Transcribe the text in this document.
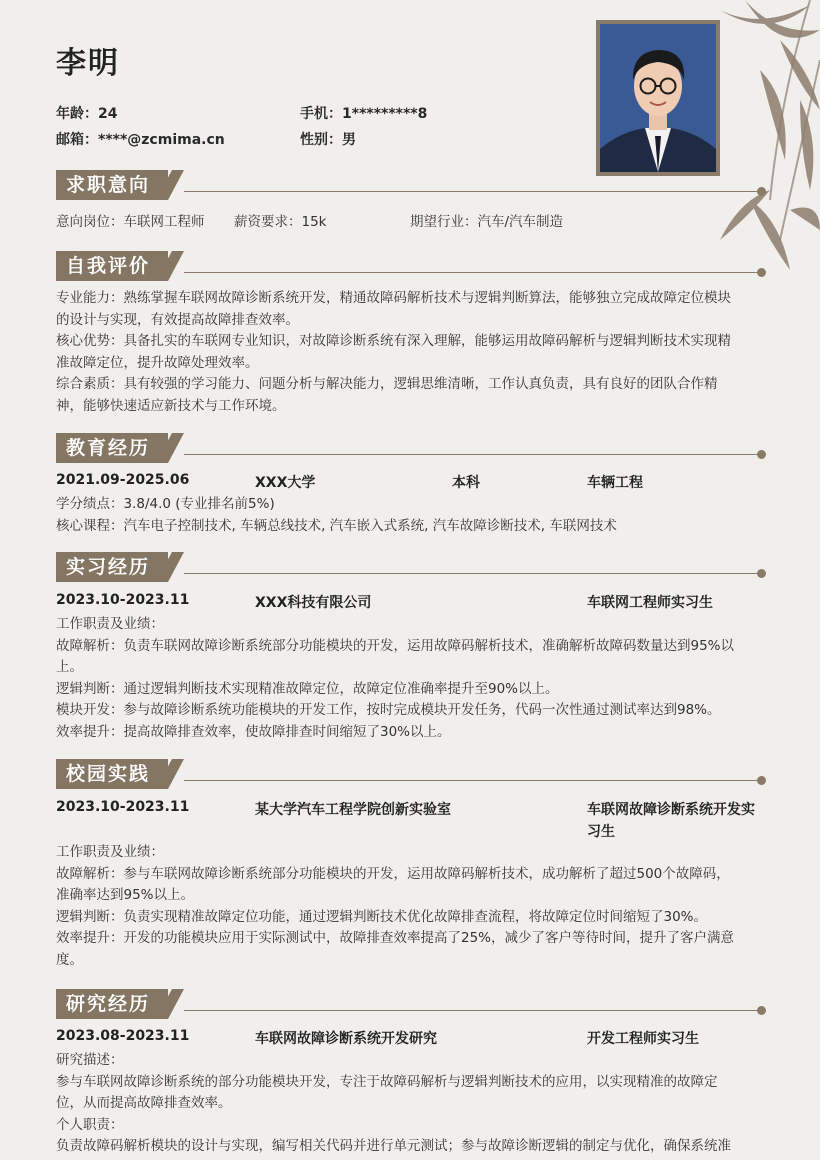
李明
年龄：24	手机：1*********8
邮箱：****@zcmima.cn	性别：男
求职意向
意向岗位：车联网工程师 薪资要求：15k	期望行业：汽车/汽车制造
自我评价
专业能力：熟练掌握车联网故障诊断系统开发，精通故障码解析技术与逻辑判断算法，能够独立完成故障定位模块
的设计与实现，有效提高故障排查效率。
核心优势：具备扎实的车联网专业知识，对故障诊断系统有深入理解，能够运用故障码解析与逻辑判断技术实现精
准故障定位，提升故障处理效率。
综合素质：具有较强的学习能力、问题分析与解决能力，逻辑思维清晰，工作认真负责，具有良好的团队合作精
神，能够快速适应新技术与工作环境。
教育经历
2021.09-2025.06	XXX大学	本科	车辆工程
学分绩点：3.8/4.0 (专业排名前5%)
核心课程：汽车电子控制技术, 车辆总线技术, 汽车嵌入式系统, 汽车故障诊断技术, 车联网技术
实习经历
2023.10-2023.11	XXX科技有限公司	车联网工程师实习生
工作职责及业绩：
故障解析：负责车联网故障诊断系统部分功能模块的开发，运用故障码解析技术，准确解析故障码数量达到95%以
上。
逻辑判断：通过逻辑判断技术实现精准故障定位，故障定位准确率提升至90%以上。
模块开发：参与故障诊断系统功能模块的开发工作，按时完成模块开发任务，代码一次性通过测试率达到98%。
效率提升：提高故障排查效率，使故障排查时间缩短了30%以上。
校园实践
2023.10-2023.11	某大学汽车工程学院创新实验室	车联网故障诊断系统开发实
习生
工作职责及业绩：
故障解析：参与车联网故障诊断系统部分功能模块的开发，运用故障码解析技术，成功解析了超过500个故障码，
准确率达到95%以上。
逻辑判断：负责实现精准故障定位功能，通过逻辑判断技术优化故障排查流程，将故障定位时间缩短了30%。
效率提升：开发的功能模块应用于实际测试中，故障排查效率提高了25%，减少了客户等待时间，提升了客户满意
度。
研究经历
2023.08-2023.11	车联网故障诊断系统开发研究	开发工程师实习生
研究描述：
参与车联网故障诊断系统的部分功能模块开发，专注于故障码解析与逻辑判断技术的应用，以实现精准的故障定
位，从而提高故障排查效率。
个人职责：
负责故障码解析模块的设计与实现，编写相关代码并进行单元测试；参与故障诊断逻辑的制定与优化，确保系统准
